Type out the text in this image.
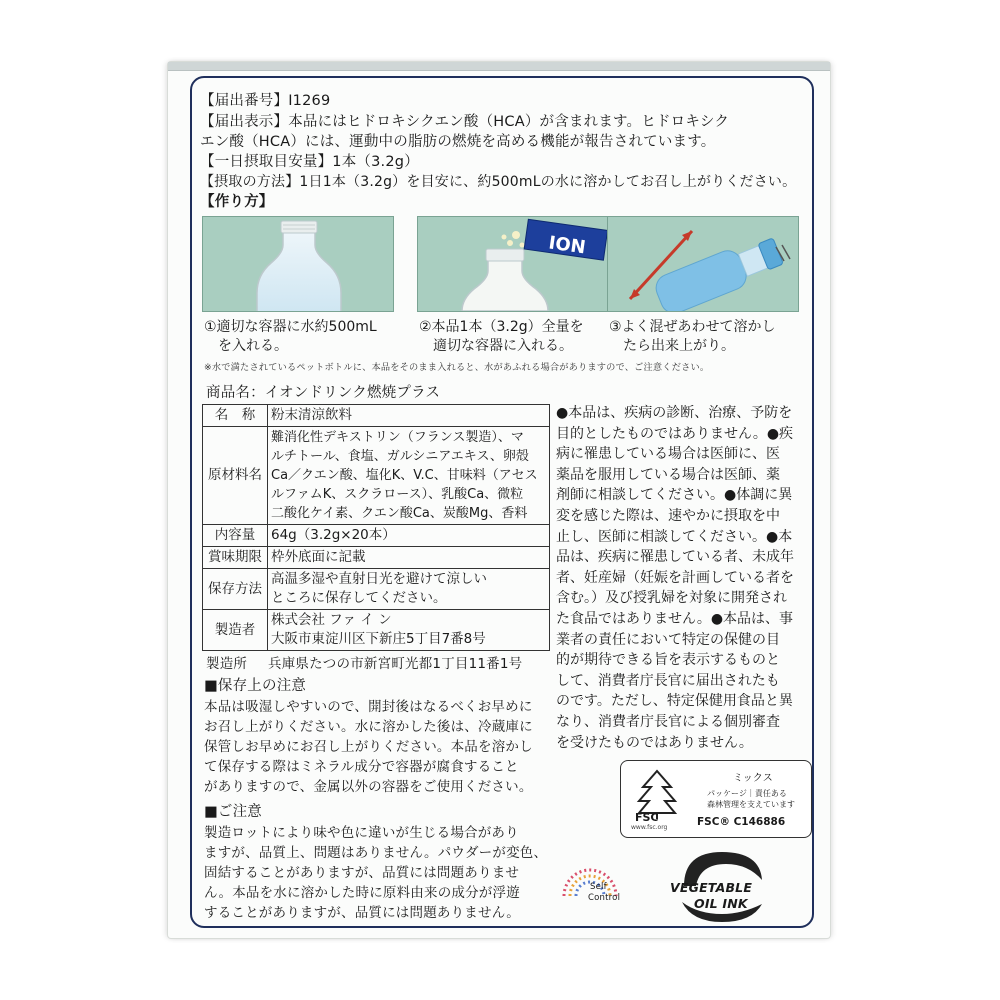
【届出番号】I1269
【届出表示】本品にはヒドロキシクエン酸（HCA）が含まれます。ヒドロキシク
エン酸（HCA）には、運動中の脂肪の燃焼を高める機能が報告されています。
【一日摂取目安量】1本（3.2g）
【摂取の方法】1日1本（3.2g）を目安に、約500mLの水に溶かしてお召し上がりください。
【作り方】
ION
①適切な容器に水約500mL
　を入れる。
②本品1本（3.2g）全量を
　適切な容器に入れる。
③よく混ぜあわせて溶かし
　たら出来上がり。
※水で満たされているペットボトルに、本品をそのまま入れると、水があふれる場合がありますので、ご注意ください。
商品名：イオンドリンク燃焼プラス
名　称	粉末清涼飲料
原材料名	難消化性デキストリン（フランス製造）、マ
ルチトール、食塩、ガルシニアエキス、卵殻
Ca／クエン酸、塩化K、V.C、甘味料（アセス
ルファムK、スクラロース）、乳酸Ca、微粒
二酸化ケイ素、クエン酸Ca、炭酸Mg、香料

内容量	64g（3.2g×20本）
賞味期限	枠外底面に記載
保存方法	高温多湿や直射日光を避けて涼しい
ところに保存してください。

製造者	株式会社 ファ イ ン
大阪市東淀川区下新庄5丁目7番8号
製造所 兵庫県たつの市新宮町光都1丁目11番1号
■保存上の注意
本品は吸湿しやすいので、開封後はなるべくお早めに
お召し上がりください。水に溶かした後は、冷蔵庫に
保管しお早めにお召し上がりください。本品を溶かし
て保存する際はミネラル成分で容器が腐食すること
がありますので、金属以外の容器をご使用ください。
■ご注意
製造ロットにより味や色に違いが生じる場合があり
ますが、品質上、問題はありません。パウダーが変色、
固結することがありますが、品質には問題ありませ
ん。本品を水に溶かした時に原料由来の成分が浮遊
することがありますが、品質には問題ありません。

●本品は、疾病の診断、治療、予防を

目的としたものではありません。●疾

病に罹患している場合は医師に、医

薬品を服用している場合は医師、薬

剤師に相談してください。●体調に異

変を感じた際は、速やかに摂取を中

止し、医師に相談してください。●本

品は、疾病に罹患している者、未成年

者、妊産婦（妊娠を計画している者を

含む。）及び授乳婦を対象に開発され

た食品ではありません。●本品は、事

業者の責任において特定の保健の目

的が期待できる旨を表示するものと

して、消費者庁長官に届出されたも

のです。ただし、特定保健用食品と異

なり、消費者庁長官による個別審査

を受けたものではありません。

FSC
www.fsc.org
ミックス
パッケージ｜責任ある
森林管理を支えています
FSC® C146886
Self
Control
VEGETABLE
OIL INK
